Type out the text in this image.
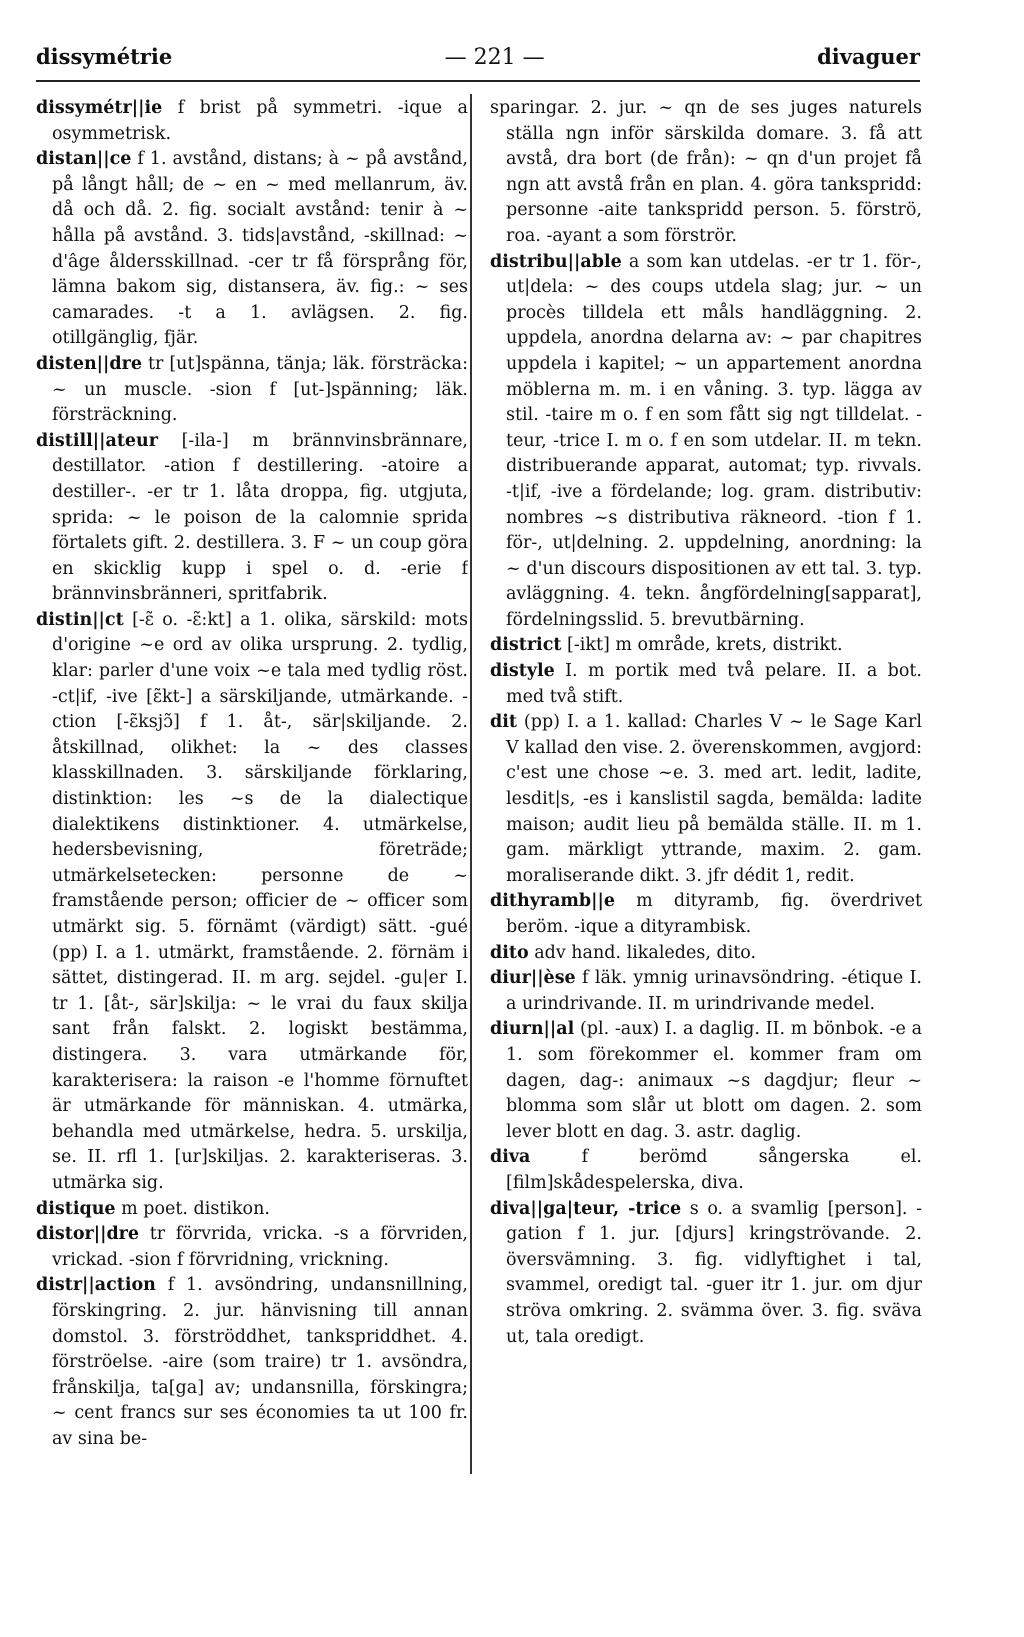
dissymétrie	— 221 —	divaguer

dissymétr||ie f brist på symmetri. -ique a osymmetrisk.

distan||ce f 1. avstånd, distans; à ~ på avstånd, på långt håll; de ~ en ~ med mellanrum, äv. då och då. 2. fig. socialt avstånd: tenir à ~ hålla på avstånd. 3. tids|avstånd, -skillnad: ~ d'âge åldersskillnad. -cer tr få försprång för, lämna bakom sig, distansera, äv. fig.: ~ ses camarades. -t a 1. avlägsen. 2. fig. otillgänglig, fjär.

disten||dre tr [ut]spänna, tänja; läk. försträcka: ~ un muscle. -sion f [ut-]spänning; läk. försträckning.

distill||ateur [-ila-] m brännvinsbrännare, destillator. -ation f destillering. -atoire a destiller-. -er tr 1. låta droppa, fig. utgjuta, sprida: ~ le poison de la calomnie sprida förtalets gift. 2. destillera. 3. F ~ un coup göra en skicklig kupp i spel o. d. -erie f brännvinsbränneri, spritfabrik.

distin||ct [-ɛ̃ o. -ɛ̃:kt] a 1. olika, särskild: mots d'origine ~e ord av olika ursprung. 2. tydlig, klar: parler d'une voix ~e tala med tydlig röst. -ct|if, -ive [ɛ̃kt-] a särskiljande, utmärkande. -ction [-ɛ̃ksjɔ̃] f 1. åt-, sär|skiljande. 2. åtskillnad, olikhet: la ~ des classes klasskillnaden. 3. särskiljande förklaring, distinktion: les ~s de la dialectique dialektikens distinktioner. 4. utmärkelse, hedersbevisning, företräde; utmärkelsetecken: personne de ~ framstående person; officier de ~ officer som utmärkt sig. 5. förnämt (värdigt) sätt. -gué (pp) I. a 1. utmärkt, framstående. 2. förnäm i sättet, distingerad. II. m arg. sejdel. -gu|er I. tr 1. [åt-, sär]skilja: ~ le vrai du faux skilja sant från falskt. 2. logiskt bestämma, distingera. 3. vara utmärkande för, karakterisera: la raison -e l'homme förnuftet är utmärkande för människan. 4. utmärka, behandla med utmärkelse, hedra. 5. urskilja, se. II. rfl 1. [ur]skiljas. 2. karakteriseras. 3. utmärka sig.

distique m poet. distikon.

distor||dre tr förvrida, vricka. -s a förvriden, vrickad. -sion f förvridning, vrickning.

distr||action f 1. avsöndring, undansnillning, förskingring. 2. jur. hänvisning till annan domstol. 3. förströddhet, tankspriddhet. 4. förströelse. -aire (som traire) tr 1. avsöndra, frånskilja, ta[ga] av; undansnilla, förskingra; ~ cent francs sur ses économies ta ut 100 fr. av sina be-

sparingar. 2. jur. ~ qn de ses juges naturels ställa ngn inför särskilda domare. 3. få att avstå, dra bort (de från): ~ qn d'un projet få ngn att avstå från en plan. 4. göra tankspridd: personne -aite tankspridd person. 5. förströ, roa. -ayant a som förströr.

distribu||able a som kan utdelas. -er tr 1. för-, ut|dela: ~ des coups utdela slag; jur. ~ un procès tilldela ett måls handläggning. 2. uppdela, anordna delarna av: ~ par chapitres uppdela i kapitel; ~ un appartement anordna möblerna m. m. i en våning. 3. typ. lägga av stil. -taire m o. f en som fått sig ngt tilldelat. -teur, -trice I. m o. f en som utdelar. II. m tekn. distribuerande apparat, automat; typ. rivvals. -t|if, -ive a fördelande; log. gram. distributiv: nombres ~s distributiva räkneord. -tion f 1. för-, ut|delning. 2. uppdelning, anordning: la ~ d'un discours dispositionen av ett tal. 3. typ. avläggning. 4. tekn. ångfördelning[sapparat], fördelningsslid. 5. brevutbärning.

district [-ikt] m område, krets, distrikt.

distyle I. m portik med två pelare. II. a bot. med två stift.

dit (pp) I. a 1. kallad: Charles V ~ le Sage Karl V kallad den vise. 2. överenskommen, avgjord: c'est une chose ~e. 3. med art. ledit, ladite, lesdit|s, -es i kanslistil sagda, bemälda: ladite maison; audit lieu på bemälda ställe. II. m 1. gam. märkligt yttrande, maxim. 2. gam. moraliserande dikt. 3. jfr dédit 1, redit.

dithyramb||e m dityramb, fig. överdrivet beröm. -ique a dityrambisk.

dito adv hand. likaledes, dito.

diur||èse f läk. ymnig urinavsöndring. -étique I. a urindrivande. II. m urindrivande medel.

diurn||al (pl. -aux) I. a daglig. II. m bönbok. -e a 1. som förekommer el. kommer fram om dagen, dag-: animaux ~s dagdjur; fleur ~ blomma som slår ut blott om dagen. 2. som lever blott en dag. 3. astr. daglig.

diva f berömd sångerska el. [film]skådespelerska, diva.

diva||ga|teur, -trice s o. a svamlig [person]. -gation f 1. jur. [djurs] kringströvande. 2. översvämning. 3. fig. vidlyftighet i tal, svammel, oredigt tal. -guer itr 1. jur. om djur ströva omkring. 2. svämma över. 3. fig. sväva ut, tala oredigt.
